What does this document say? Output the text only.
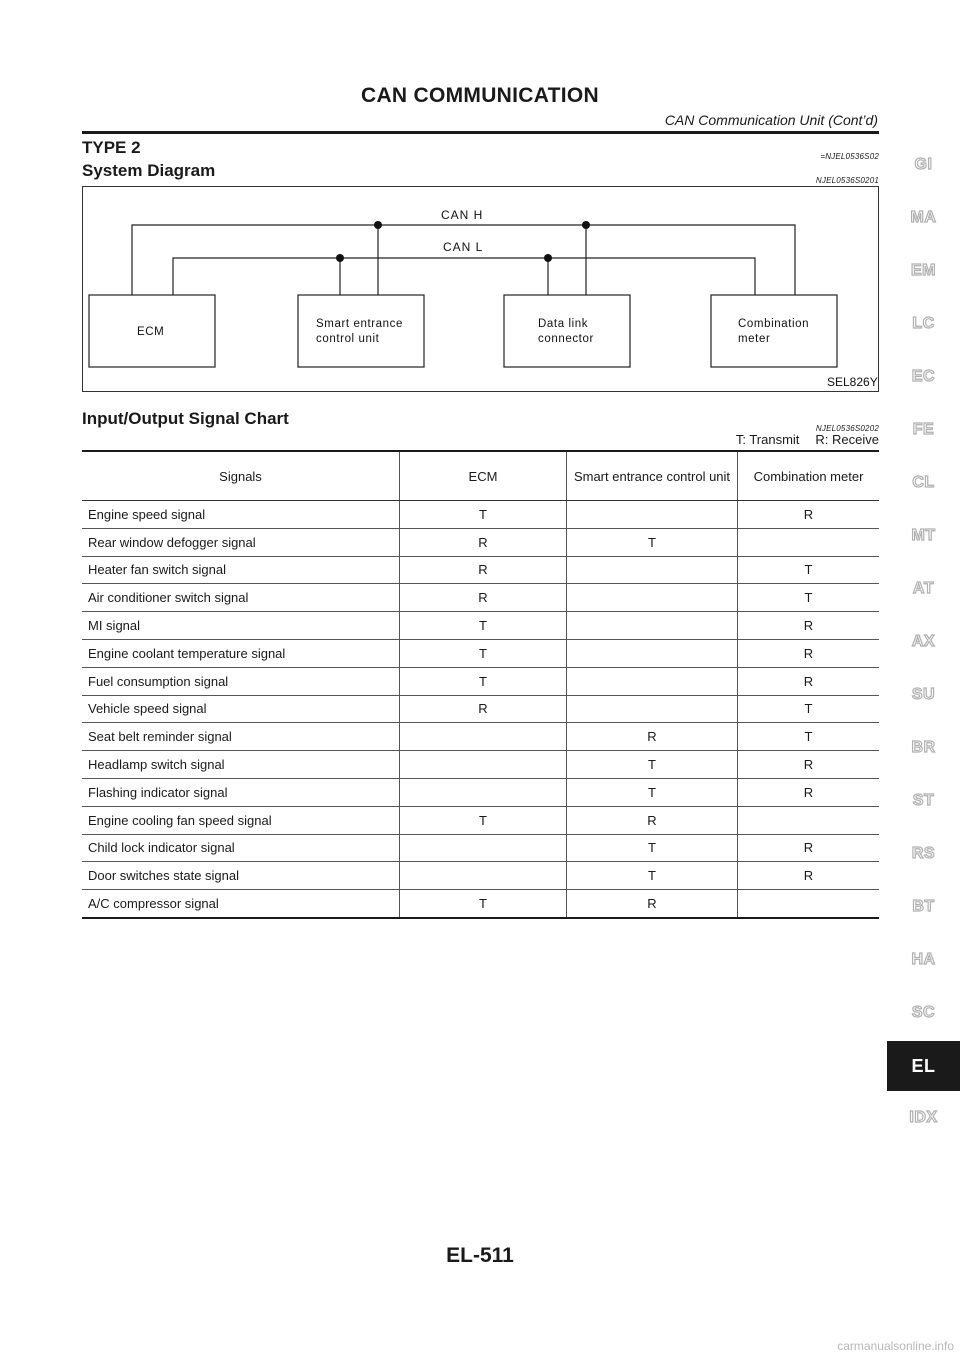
CAN COMMUNICATION
CAN Communication Unit (Cont’d)
TYPE 2	=NJEL0536S02
System Diagram
NJEL0536S0201
CAN H
CAN L
ECM
Smart entrance
control unit
Data link
connector
Combination
meter
SEL826Y
Input/Output Signal Chart
NJEL0536S0202
T: Transmit R: Receive
Signals	ECM	Smart entrance control unit	Combination meter
Engine speed signal	T		R
Rear window defogger signal	R	T	
Heater fan switch signal	R		T
Air conditioner switch signal	R		T
MI signal	T		R
Engine coolant temperature signal	T		R
Fuel consumption signal	T		R
Vehicle speed signal	R		T
Seat belt reminder signal		R	T
Headlamp switch signal		T	R
Flashing indicator signal		T	R
Engine cooling fan speed signal	T	R	
Child lock indicator signal		T	R
Door switches state signal		T	R
A/C compressor signal	T	R	
GI
MA
EM
LC
EC
FE
CL
MT
AT
AX
SU
BR
ST
RS
BT
HA
SC
EL
IDX
EL-511
carmanualsonline.info
